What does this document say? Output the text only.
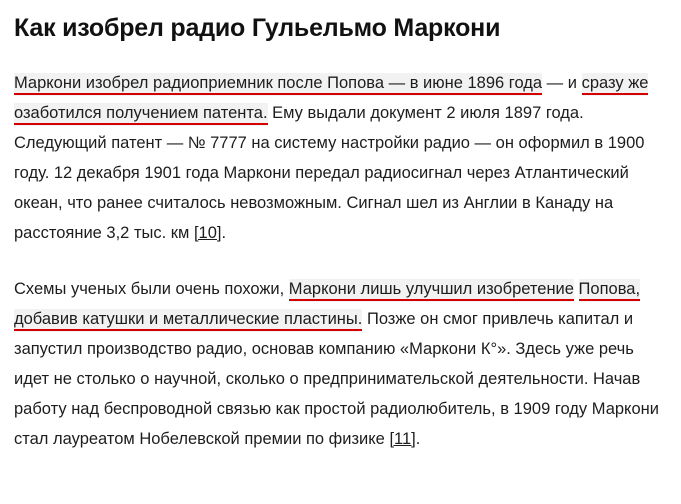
Как изобрел радио Гульельмо Маркони

Маркони изобрел радиоприемник после Попова — в июне 1896 года — и сразу же озаботился получением патента. Ему выдали документ 2 июля 1897 года. Следующий патент — № 7777 на систему настройки радио — он оформил в 1900 году. 12 декабря 1901 года Маркони передал радиосигнал через Атлантический океан, что ранее считалось невозможным. Сигнал шел из Англии в Канаду на расстояние 3,2 тыс. км [10].

Схемы ученых были очень похожи, Маркони лишь улучшил изобретение Попова, добавив катушки и металлические пластины. Позже он смог привлечь капитал и запустил производство радио, основав компанию «Маркони К°». Здесь уже речь идет не столько о научной, сколько о предпринимательской деятельности. Начав работу над беспроводной связью как простой радиолюбитель, в 1909 году Маркони стал лауреатом Нобелевской премии по физике [11].
